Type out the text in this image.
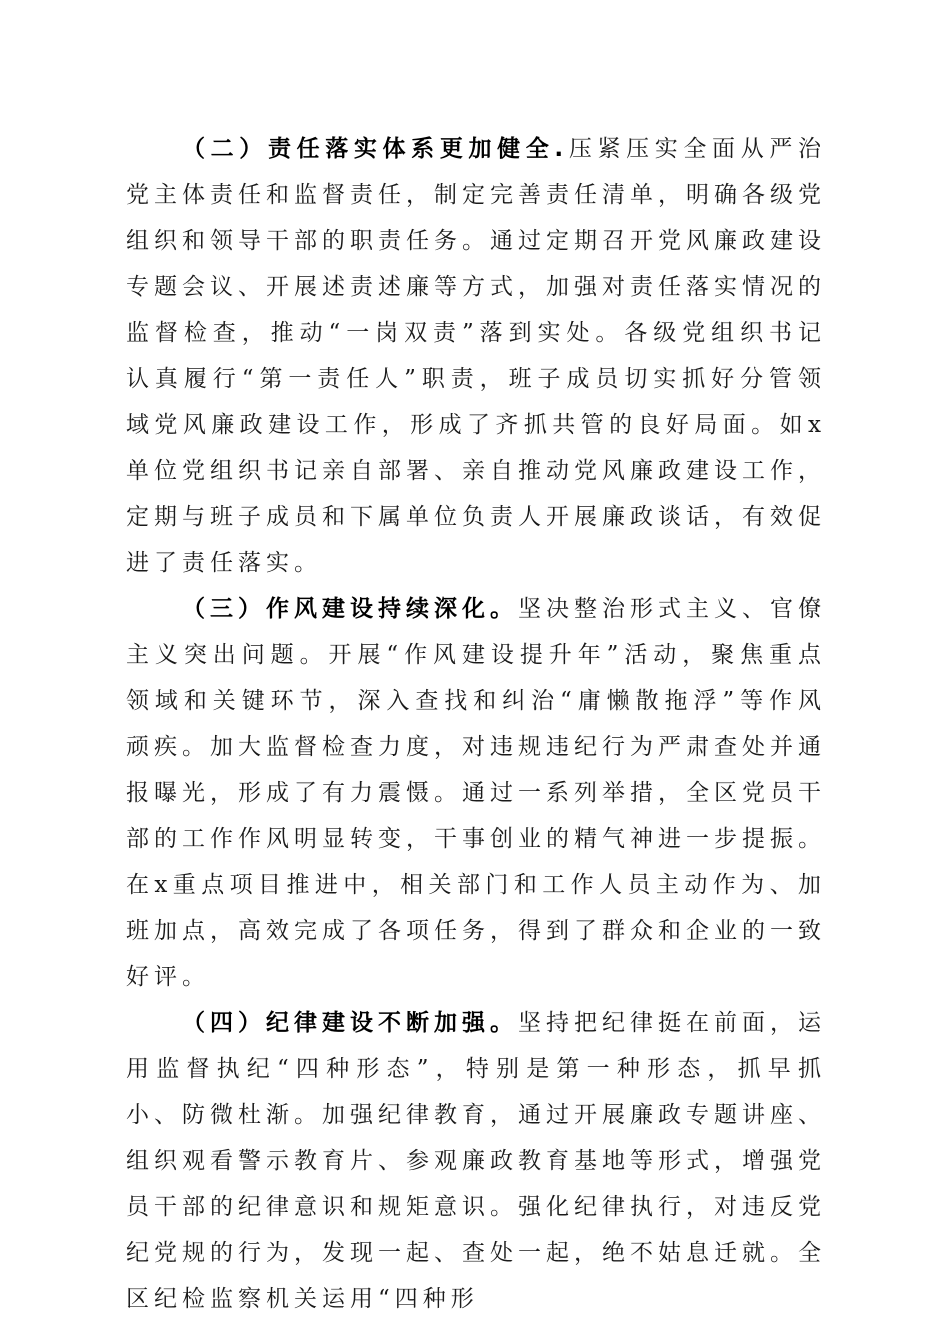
（二）责任落实体系更加健全.压紧压实全面从严治党主体责任和监督责任，制定完善责任清单，明确各级党组织和领导干部的职责任务。通过定期召开党风廉政建设专题会议、开展述责述廉等方式，加强对责任落实情况的监督检查，推动“一岗双责”落到实处。各级党组织书记认真履行“第一责任人”职责，班子成员切实抓好分管领域党风廉政建设工作，形成了齐抓共管的良好局面。如x单位党组织书记亲自部署、亲自推动党风廉政建设工作，定期与班子成员和下属单位负责人开展廉政谈话，有效促进了责任落实。

（三）作风建设持续深化。坚决整治形式主义、官僚主义突出问题。开展“作风建设提升年”活动，聚焦重点领域和关键环节，深入查找和纠治“庸懒散拖浮”等作风顽疾。加大监督检查力度，对违规违纪行为严肃查处并通报曝光，形成了有力震慑。通过一系列举措，全区党员干部的工作作风明显转变，干事创业的精气神进一步提振。在x重点项目推进中，相关部门和工作人员主动作为、加班加点，高效完成了各项任务，得到了群众和企业的一致好评。

（四）纪律建设不断加强。坚持把纪律挺在前面，运用监督执纪“四种形态”，特别是第一种形态，抓早抓小、防微杜渐。加强纪律教育，通过开展廉政专题讲座、组织观看警示教育片、参观廉政教育基地等形式，增强党员干部的纪律意识和规矩意识。强化纪律执行，对违反党纪党规的行为，发现一起、查处一起，绝不姑息迁就。全区纪检监察机关运用“四种形
